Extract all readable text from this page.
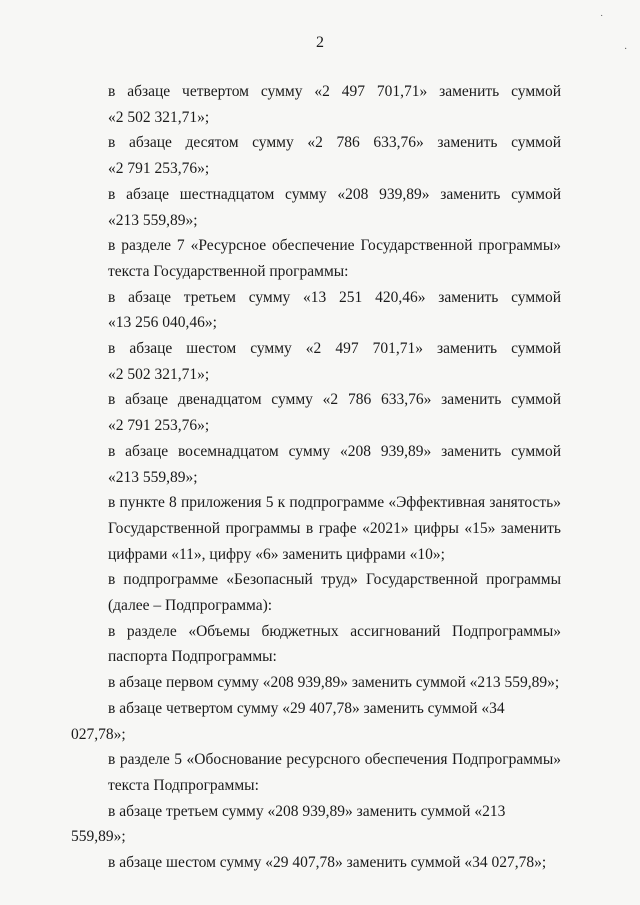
2
в абзаце четвертом сумму «2 497 701,71» заменить суммой
«2 502 321,71»;
в абзаце десятом сумму «2 786 633,76» заменить суммой
«2 791 253,76»;
в абзаце шестнадцатом сумму «208 939,89» заменить суммой
«213 559,89»;
в разделе 7 «Ресурсное обеспечение Государственной программы»
текста Государственной программы:
в абзаце третьем сумму «13 251 420,46» заменить суммой
«13 256 040,46»;
в абзаце шестом сумму «2 497 701,71» заменить суммой
«2 502 321,71»;
в абзаце двенадцатом сумму «2 786 633,76» заменить суммой
«2 791 253,76»;
в абзаце восемнадцатом сумму «208 939,89» заменить суммой
«213 559,89»;
в пункте 8 приложения 5 к подпрограмме «Эффективная занятость»
Государственной программы в графе «2021» цифры «15» заменить
цифрами «11», цифру «6» заменить цифрами «10»;
в подпрограмме «Безопасный труд» Государственной программы
(далее – Подпрограмма):
в разделе «Объемы бюджетных ассигнований Подпрограммы»
паспорта Подпрограммы:
в абзаце первом сумму «208 939,89» заменить суммой «213 559,89»;
в абзаце четвертом сумму «29 407,78» заменить суммой «34 027,78»;
в разделе 5 «Обоснование ресурсного обеспечения Подпрограммы»
текста Подпрограммы:
в абзаце третьем сумму «208 939,89» заменить суммой «213 559,89»;
в абзаце шестом сумму «29 407,78» заменить суммой «34 027,78»;
˙
·
